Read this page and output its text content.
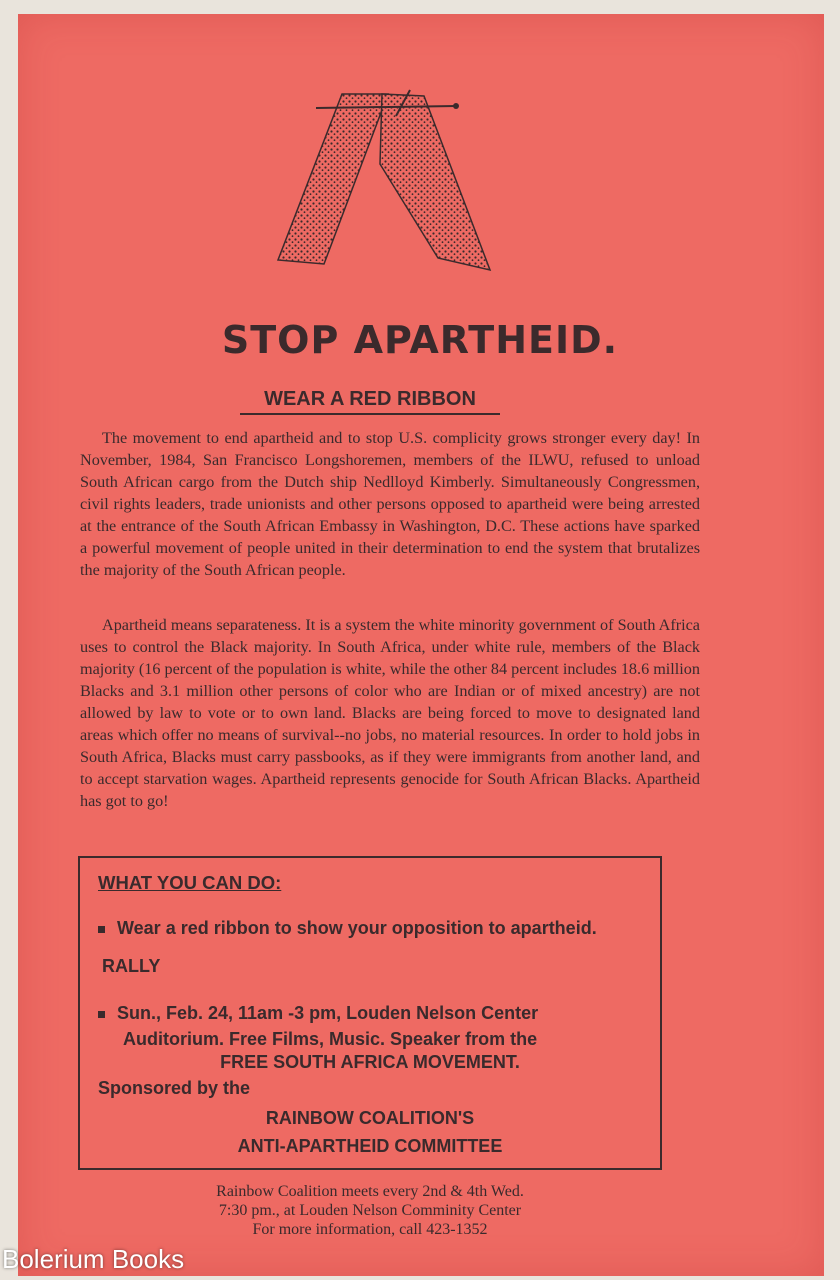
STOP APARTHEID.
WEAR A RED RIBBON

The movement to end apartheid and to stop U.S. complicity grows stronger every day! In November, 1984, San Francisco Longshoremen, members of the ILWU, refused to unload South African cargo from the Dutch ship Nedlloyd Kimberly. Simultaneously Congressmen, civil rights leaders, trade unionists and other persons opposed to apartheid were being arrested at the entrance of the South African Embassy in Washington, D.C. These actions have sparked a powerful movement of people united in their determination to end the system that brutalizes the majority of the South African people.

Apartheid means separateness. It is a system the white minority government of South Africa uses to control the Black majority. In South Africa, under white rule, members of the Black majority (16 percent of the population is white, while the other 84 percent includes 18.6 million Blacks and 3.1 million other persons of color who are Indian or of mixed ancestry) are not allowed by law to vote or to own land. Blacks are being forced to move to designated land areas which offer no means of survival--no jobs, no material resources. In order to hold jobs in South Africa, Blacks must carry passbooks, as if they were immigrants from another land, and to accept starvation wages. Apartheid represents genocide for South African Blacks. Apartheid has got to go!

WHAT YOU CAN DO:
Wear a red ribbon to show your opposition to apartheid.
RALLY
Sun., Feb. 24, 11am -3 pm, Louden Nelson Center
Auditorium. Free Films, Music. Speaker from the
FREE SOUTH AFRICA MOVEMENT.
Sponsored by the
RAINBOW COALITION'S
ANTI-APARTHEID COMMITTEE
Rainbow Coalition meets every 2nd & 4th Wed.
7:30 pm., at Louden Nelson Comminity Center
For more information, call 423-1352
Bolerium Books
